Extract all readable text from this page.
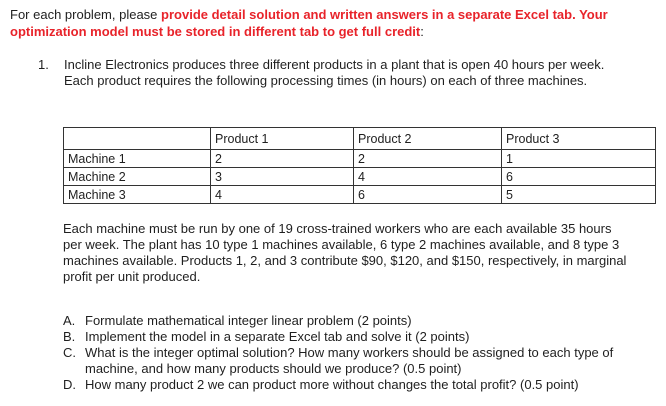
For each problem, please provide detail solution and written answers in a separate Excel tab. Your optimization model must be stored in different tab to get full credit:
1. Incline Electronics produces three different products in a plant that is open 40 hours per week. Each product requires the following processing times (in hours) on each of three machines.
	Product 1	Product 2	Product 3
Machine 1	2	2	1
Machine 2	3	4	6
Machine 3	4	6	5
Each machine must be run by one of 19 cross-trained workers who are each available 35 hours per week. The plant has 10 type 1 machines available, 6 type 2 machines available, and 8 type 3 machines available. Products 1, 2, and 3 contribute $90, $120, and $150, respectively, in marginal profit per unit produced.
A. Formulate mathematical integer linear problem (2 points)
B. Implement the model in a separate Excel tab and solve it (2 points)
C. What is the integer optimal solution? How many workers should be assigned to each type of machine, and how many products should we produce? (0.5 point)
D. How many product 2 we can product more without changes the total profit? (0.5 point)
